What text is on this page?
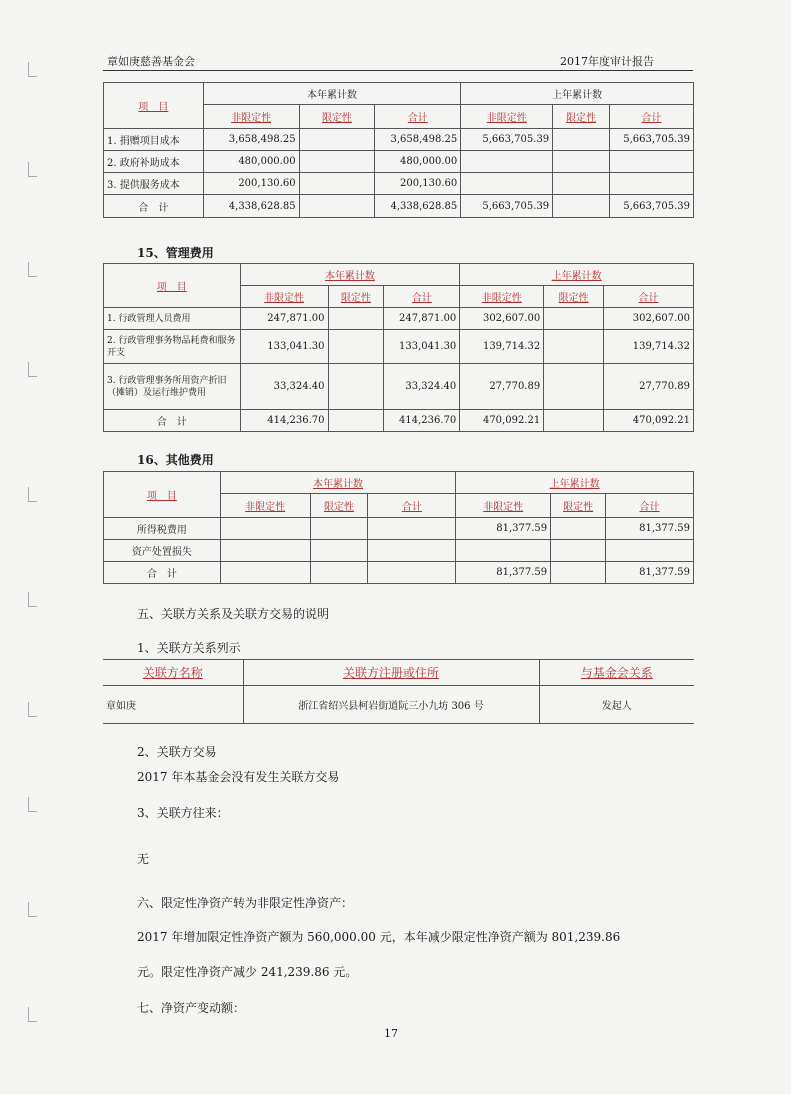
章如庚慈善基金会	2017年度审计报告
项　目	本年累计数			上年累计数		
	非限定性	限定性	合计	非限定性	限定性	合计
1. 捐赠项目成本	3,658,498.25		3,658,498.25	5,663,705.39		5,663,705.39
2. 政府补助成本	480,000.00		480,000.00			
3. 提供服务成本	200,130.60		200,130.60			
合　计	4,338,628.85		4,338,628.85	5,663,705.39		5,663,705.39
15、管理费用
项　目	本年累计数			上年累计数		
	非限定性	限定性	合计	非限定性	限定性	合计
1. 行政管理人员费用	247,871.00		247,871.00	302,607.00		302,607.00
2. 行政管理事务物品耗费和服务开支	133,041.30		133,041.30	139,714.32		139,714.32
3. 行政管理事务所用资产折旧（摊销）及运行维护费用	33,324.40		33,324.40	27,770.89		27,770.89
合　计	414,236.70		414,236.70	470,092.21		470,092.21
16、其他费用
项　目	本年累计数			上年累计数		
	非限定性	限定性	合计	非限定性	限定性	合计
所得税费用				81,377.59		81,377.59
资产处置损失						
合　计				81,377.59		81,377.59
五、关联方关系及关联方交易的说明
1、关联方关系列示
关联方名称	关联方注册或住所	与基金会关系
章如庚	浙江省绍兴县柯岩街道阮三小九坊 306 号	发起人
2、关联方交易
2017 年本基金会没有发生关联方交易
3、关联方往来：
无
六、限定性净资产转为非限定性净资产：
2017 年增加限定性净资产额为 560,000.00 元，本年减少限定性净资产额为 801,239.86
元。限定性净资产减少 241,239.86 元。
七、净资产变动额：
17
